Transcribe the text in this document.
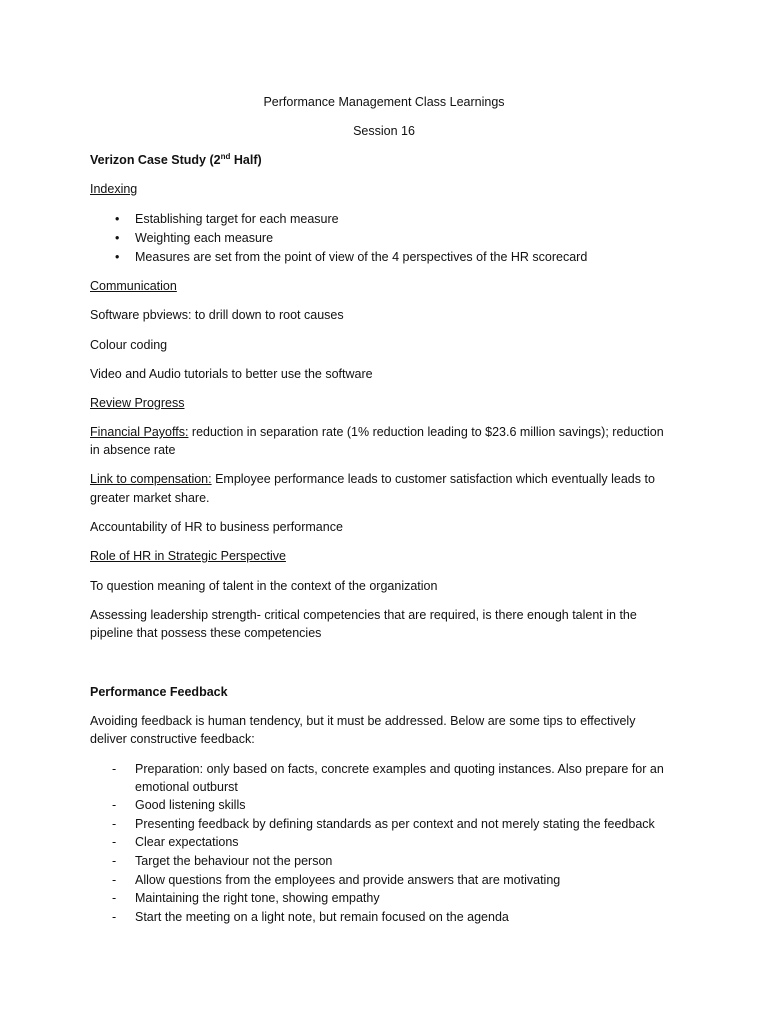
Performance Management Class Learnings

Session 16

Verizon Case Study (2nd Half)

Indexing

•	Establishing target for each measure
•	Weighting each measure
•	Measures are set from the point of view of the 4 perspectives of the HR scorecard

Communication

Software pbviews: to drill down to root causes

Colour coding

Video and Audio tutorials to better use the software

Review Progress

Financial Payoffs: reduction in separation rate (1% reduction leading to $23.6 million savings); reduction

in absence rate

Link to compensation: Employee performance leads to customer satisfaction which eventually leads to

greater market share.

Accountability of HR to business performance

Role of HR in Strategic Perspective

To question meaning of talent in the context of the organization

Assessing leadership strength- critical competencies that are required, is there enough talent in the

pipeline that possess these competencies

Performance Feedback

Avoiding feedback is human tendency, but it must be addressed. Below are some tips to effectively

deliver constructive feedback:

-	Preparation: only based on facts, concrete examples and quoting instances. Also prepare for an
emotional outburst
-	Good listening skills
-	Presenting feedback by defining standards as per context and not merely stating the feedback
-	Clear expectations
-	Target the behaviour not the person
-	Allow questions from the employees and provide answers that are motivating
-	Maintaining the right tone, showing empathy
-	Start the meeting on a light note, but remain focused on the agenda
